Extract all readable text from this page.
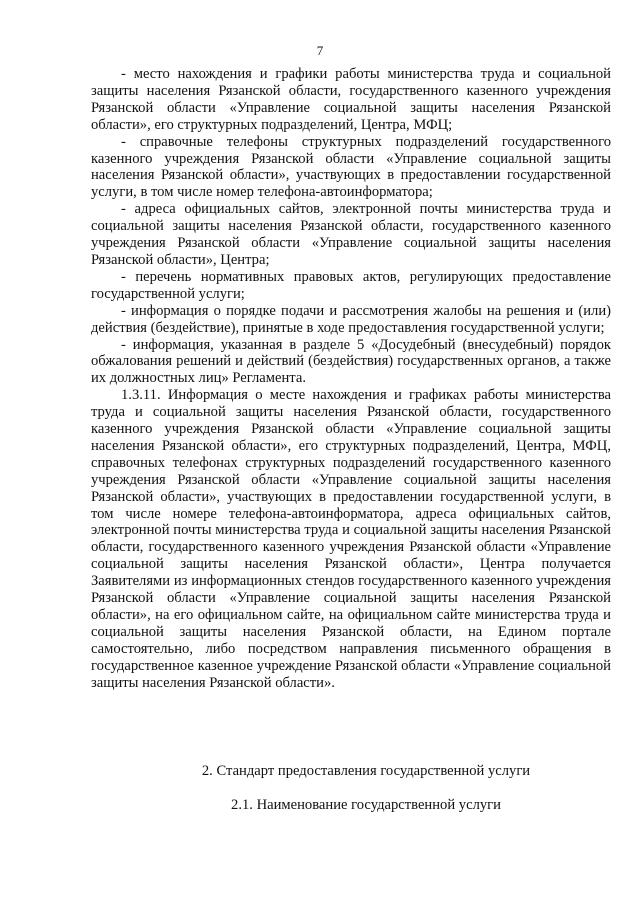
7

- место нахождения и графики работы министерства труда и социальной защиты населения Рязанской области, государственного казенного учреждения Рязанской области «Управление социальной защиты населения Рязанской области», его структурных подразделений, Центра, МФЦ;

- справочные телефоны структурных подразделений государственного казенного учреждения Рязанской области «Управление социальной защиты населения Рязанской области», участвующих в предоставлении государственной услуги, в том числе номер телефона-автоинформатора;

- адреса официальных сайтов, электронной почты министерства труда и социальной защиты населения Рязанской области, государственного казенного учреждения Рязанской области «Управление социальной защиты населения Рязанской области», Центра;

- перечень нормативных правовых актов, регулирующих предоставление государственной услуги;

- информация о порядке подачи и рассмотрения жалобы на решения и (или) действия (бездействие), принятые в ходе предоставления государственной услуги;

- информация, указанная в разделе 5 «Досудебный (внесудебный) порядок обжалования решений и действий (бездействия) государственных органов, а также их должностных лиц» Регламента.

1.3.11. Информация о месте нахождения и графиках работы министерства труда и социальной защиты населения Рязанской области, государственного казенного учреждения Рязанской области «Управление социальной защиты населения Рязанской области», его структурных подразделений, Центра, МФЦ, справочных телефонах структурных подразделений государственного казенного учреждения Рязанской области «Управление социальной защиты населения Рязанской области», участвующих в предоставлении государственной услуги, в том числе номере телефона-автоинформатора, адреса официальных сайтов, электронной почты министерства труда и социальной защиты населения Рязанской области, государственного казенного учреждения Рязанской области «Управление социальной защиты населения Рязанской области», Центра получается Заявителями из информационных стендов государственного казенного учреждения Рязанской области «Управление социальной защиты населения Рязанской области», на его официальном сайте, на официальном сайте министерства труда и социальной защиты населения Рязанской области, на Едином портале самостоятельно, либо посредством направления письменного обращения в государственное казенное учреждение Рязанской области «Управление социальной защиты населения Рязанской области».

2. Стандарт предоставления государственной услуги
2.1. Наименование государственной услуги
